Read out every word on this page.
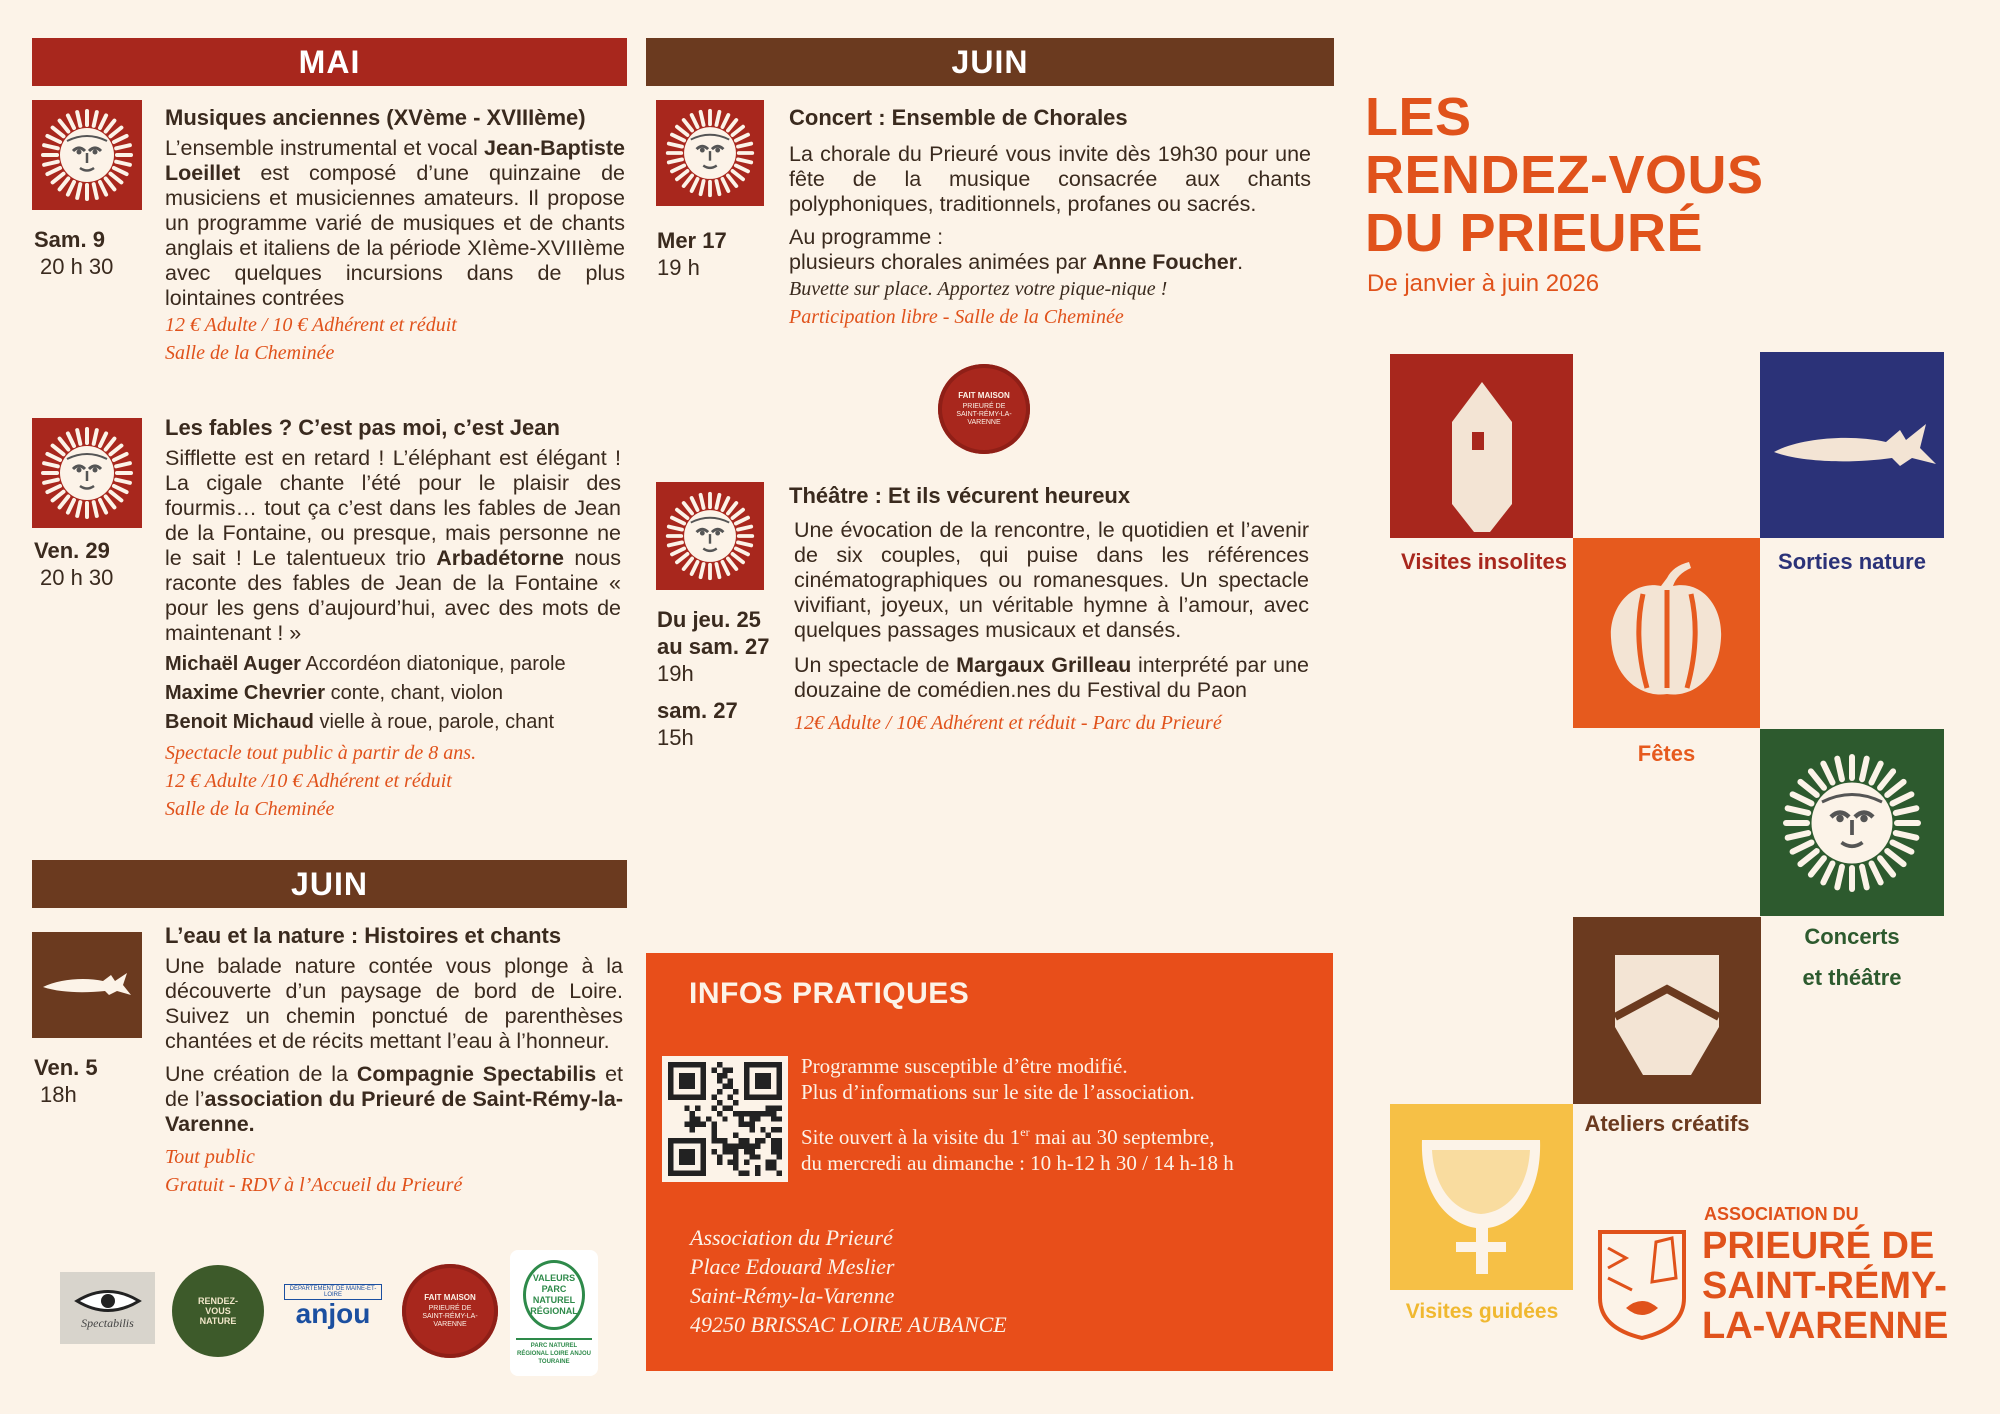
MAI	JUIN
JUIN
Sam. 9
20 h 30
Musiques anciennes (XVème - XVIIIème)
L’ensemble instrumental et vocal Jean-Baptiste Loeillet est composé d’une quinzaine de musiciens et musiciennes amateurs. Il propose un programme varié de musiques et de chants anglais et italiens de la période XIème-XVIIIème avec quelques incursions dans de plus lointaines contrées
12 € Adulte / 10 € Adhérent et réduit
Salle de la Cheminée
Ven. 29
20 h 30
Les fables ? C’est pas moi, c’est Jean
Sifflette est en retard ! L’éléphant est élégant ! La cigale chante l’été pour le plaisir des fourmis… tout ça c’est dans les fables de Jean de la Fontaine, ou presque, mais personne ne le sait ! Le talentueux trio Arbadétorne nous raconte des fables de Jean de la Fontaine « pour les gens d’aujourd’hui, avec des mots de maintenant ! »
Michaël Auger Accordéon diatonique, parole
Maxime Chevrier conte, chant, violon
Benoit Michaud vielle à roue, parole, chant
Spectacle tout public à partir de 8 ans.
12 € Adulte /10 € Adhérent et réduit
Salle de la Cheminée
Ven. 5
18h
L’eau et la nature : Histoires et chants
Une balade nature contée vous plonge à la découverte d’un paysage de bord de Loire. Suivez un chemin ponctué de parenthèses chantées et de récits mettant l’eau à l’honneur.
Une création de la Compagnie Spectabilis et de l’association du Prieuré de Saint-Rémy-la-Varenne.
Tout public
Gratuit - RDV à l’Accueil du Prieuré
Mer 17
19 h
Concert : Ensemble de Chorales
La chorale du Prieuré vous invite dès 19h30 pour une fête de la musique consacrée aux chants polyphoniques, traditionnels, profanes ou sacrés.
Au programme :
plusieurs chorales animées par Anne Foucher.
Buvette sur place. Apportez votre pique-nique !
Participation libre - Salle de la Cheminée
FAIT MAISON
PRIEURÉ DE SAINT-RÉMY-LA-VARENNE
Du jeu. 25
au sam. 27
19h
sam. 27
15h
Théâtre : Et ils vécurent heureux
Une évocation de la rencontre, le quotidien et l’avenir de six couples, qui puise dans les références cinématographiques ou romanesques. Un spectacle vivifiant, joyeux, un véritable hymne à l’amour, avec quelques passages musicaux et dansés.
Un spectacle de Margaux Grilleau interprété par une douzaine de comédien.nes du Festival du Paon
12€ Adulte / 10€ Adhérent et réduit - Parc du Prieuré
INFOS PRATIQUES
Programme susceptible d’être modifié.
Plus d’informations sur le site de l’association.
Site ouvert à la visite du 1er mai au 30 septembre,
du mercredi au dimanche : 10 h-12 h 30 / 14 h-18 h
Association du Prieuré
Place Edouard Meslier
Saint-Rémy-la-Varenne
49250 BRISSAC LOIRE AUBANCE
Spectabilis
RENDEZ-VOUS NATURE
DÉPARTEMENT DE MAINE-ET-LOIRE
anjou
FAIT MAISON
PRIEURÉ DE SAINT-RÉMY-LA-VARENNE
VALEURS PARC NATUREL RÉGIONAL
PARC NATUREL RÉGIONAL LOIRE ANJOU TOURAINE
LES
RENDEZ-VOUS
DU PRIEURÉ
De janvier à juin 2026
Visites insolites	Sorties nature
Fêtes
Concerts
et théâtre
Ateliers créatifs
Visites guidées
ASSOCIATION DU
PRIEURÉ DE
SAINT-RÉMY-
LA-VARENNE
